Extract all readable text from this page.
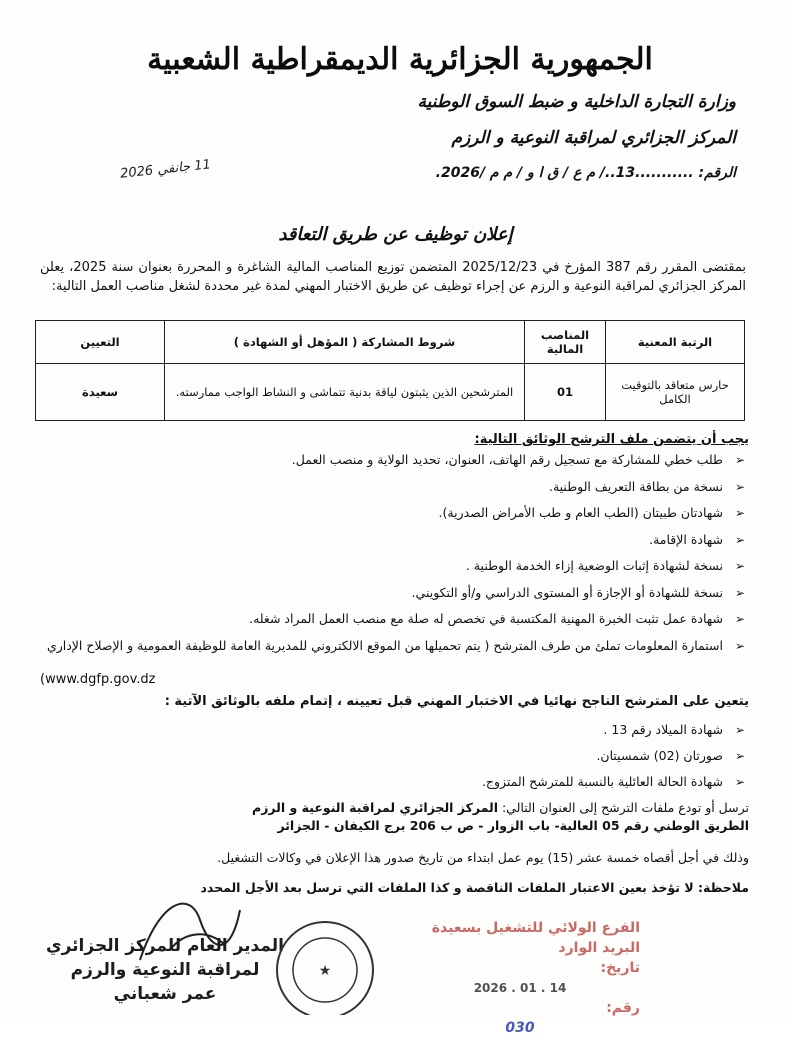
الجمهورية الجزائرية الديمقراطية الشعبية
وزارة التجارة الداخلية و ضبط السوق الوطنية
المركز الجزائري لمراقبة النوعية و الرزم
الرقم: ...........13../ م ع / ق ا و / م م /2026.
11 جانفي 2026
إعلان توظيف عن طريق التعاقد
بمقتضى المقرر رقم 387 المؤرخ في 2025/12/23 المتضمن توزيع المناصب المالية الشاغرة و المحررة بعنوان سنة 2025، يعلن المركز الجزائري لمراقبة النوعية و الرزم عن إجراء توظيف عن طريق الاختبار المهني لمدة غير محددة لشغل مناصب العمل التالية:
الرتبة المعنية	المناصب المالية	شروط المشاركة ( المؤهل أو الشهادة )	التعيين
حارس متعاقد بالتوقيت الكامل	01	المترشحين الذين يثبتون لياقة بدنية تتماشى و النشاط الواجب ممارسته.	سعيدة
يجب أن يتضمن ملف الترشح الوثائق التالية:
➢
طلب خطي للمشاركة مع تسجيل رقم الهاتف، العنوان، تحديد الولاية و منصب العمل.
➢
نسخة من بطاقة التعريف الوطنية.
➢
شهادتان طبيتان (الطب العام و طب الأمراض الصدرية).
➢
شهادة الإقامة.
➢
نسخة لشهادة إثبات الوضعية إزاء الخدمة الوطنية .
➢
نسخة للشهادة أو الإجازة أو المستوى الدراسي و/أو التكويني.
➢
شهادة عمل تثبت الخبرة المهنية المكتسبة في تخصص له صلة مع منصب العمل المراد شغله.
➢
استمارة المعلومات تملئ من طرف المترشح ( يتم تحميلها من الموقع الالكتروني للمديرية العامة للوظيفة العمومية و الإصلاح الإداري
(www.dgfp.gov.dz
يتعين على المترشح الناجح نهائيا في الاختبار المهني قبل تعيينه ، إتمام ملفه بالوثائق الآتية :
➢
شهادة الميلاد رقم 13 .
➢
صورتان (02) شمسيتان.
➢
شهادة الحالة العائلية بالنسبة للمترشح المتزوج.
ترسل أو تودع ملفات الترشح إلى العنوان التالي: المركز الجزائري لمراقبة النوعية و الرزم
الطريق الوطني رقم 05 العالية- باب الزوار - ص ب 206 برج الكيفان - الجزائر
وذلك في أجل أقصاه خمسة عشر (15) يوم عمل ابتداء من تاريخ صدور هذا الإعلان في وكالات التشغيل.
ملاحظة: لا تؤخذ بعين الاعتبار الملفات الناقصة و كذا الملفات التي ترسل بعد الأجل المحدد
المدير العام للمركز الجزائري
لمراقبة النوعية والرزم
عمر شعباني
★
الفرع الولائي للتشغيل بسعيدة
البريد الوارد
تاريخ:
2026 . 01 . 14
رقم:
030
